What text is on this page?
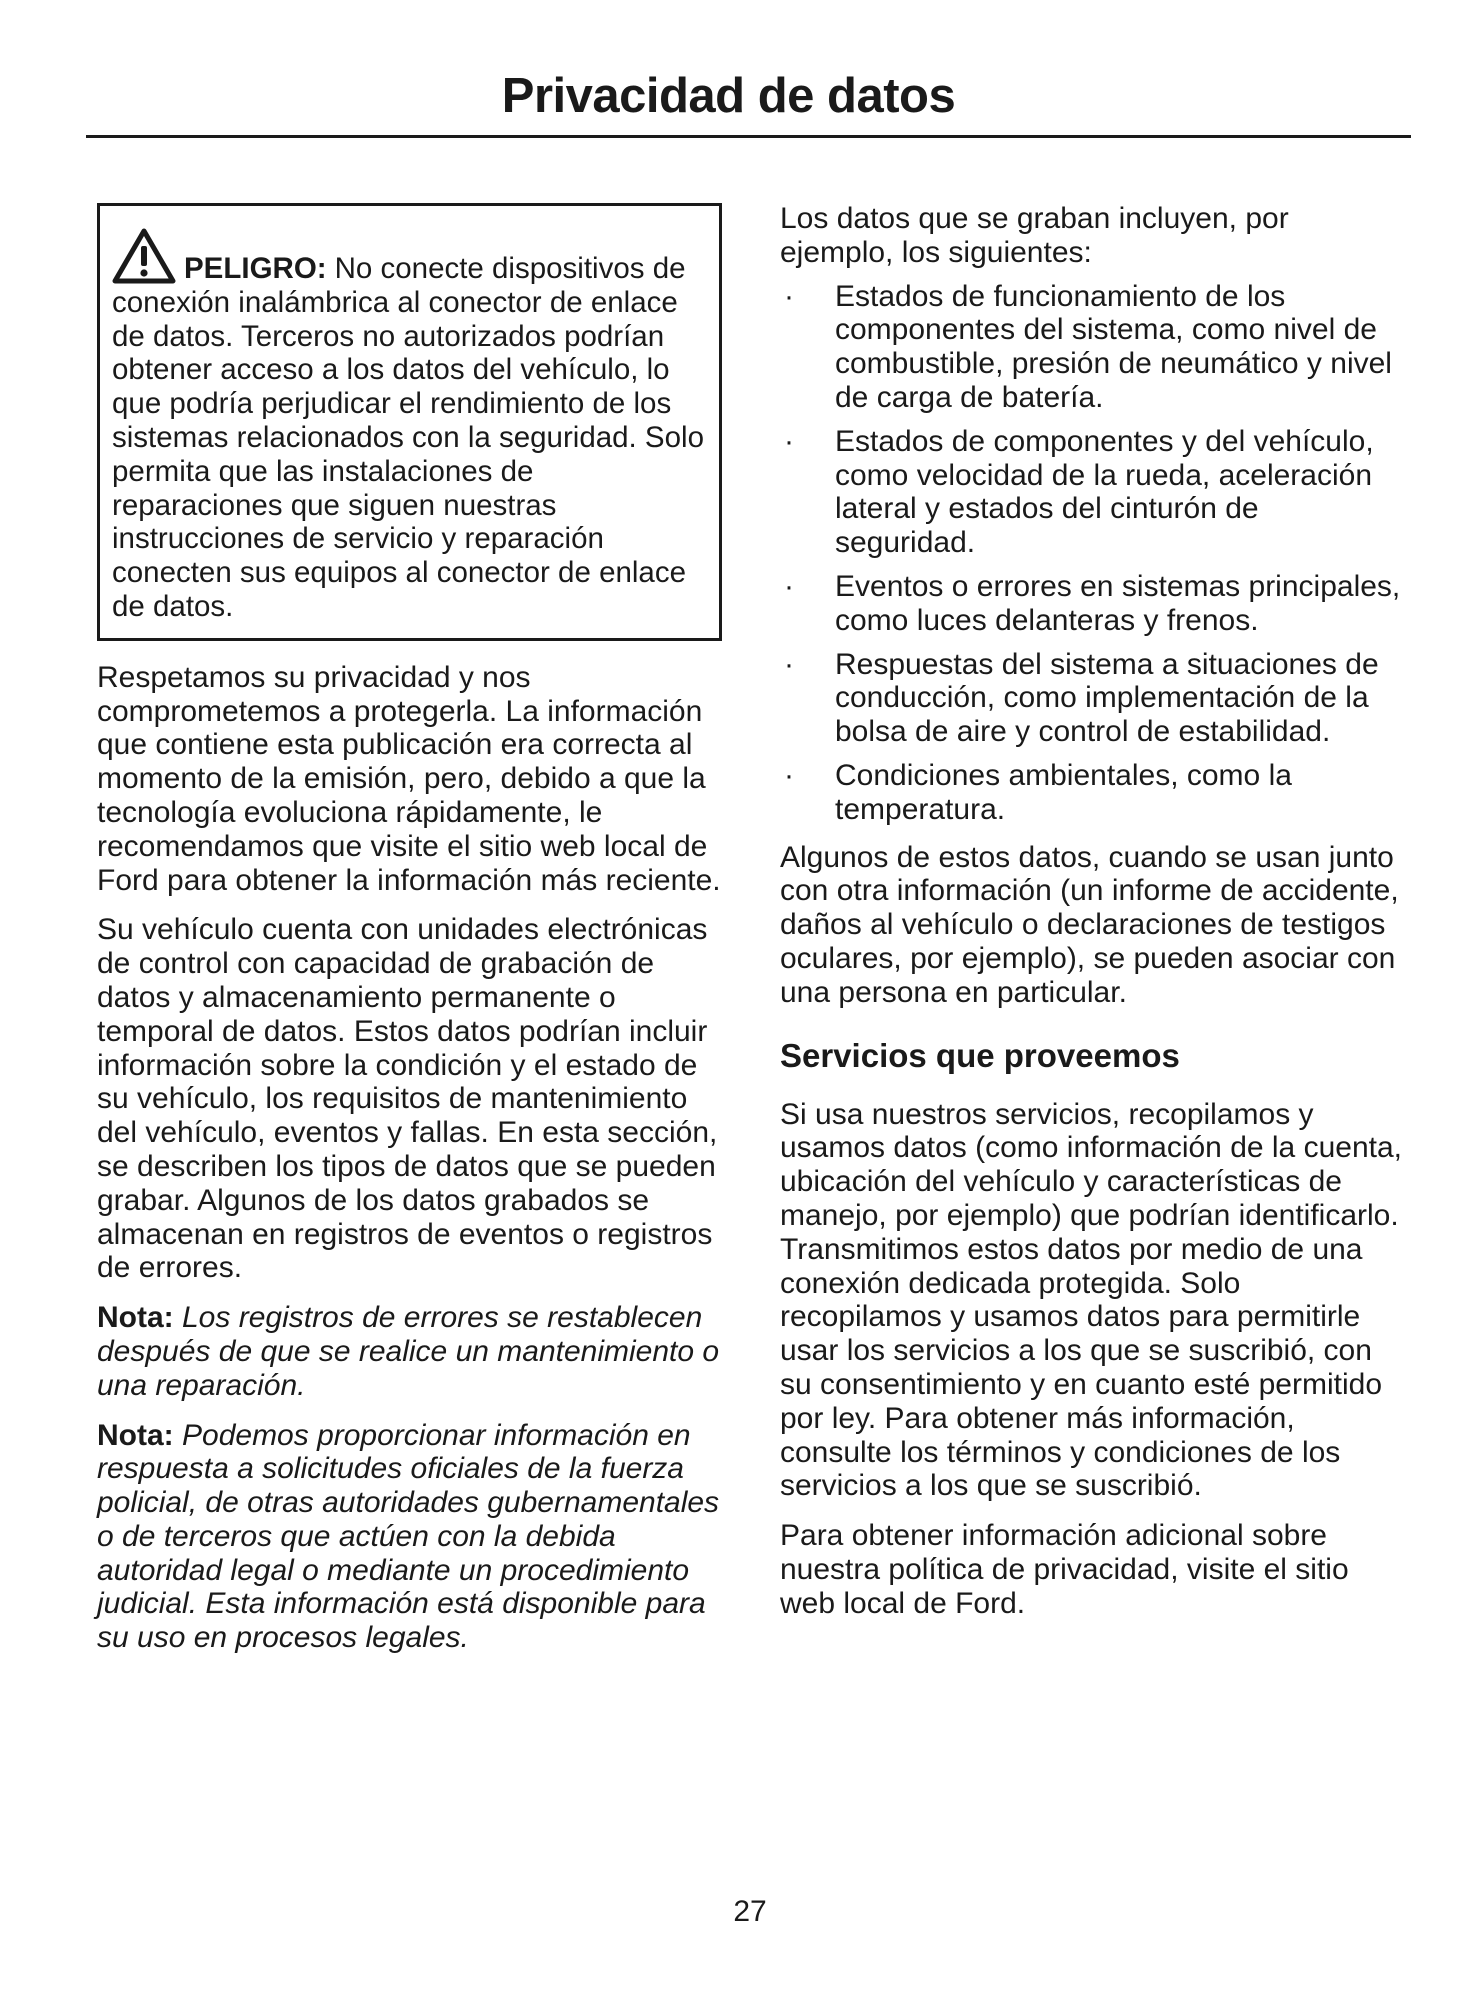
Privacidad de datos
PELIGRO: No conecte dispositivos de conexión inalámbrica al conector de enlace de datos. Terceros no autorizados podrían obtener acceso a los datos del vehículo, lo que podría perjudicar el rendimiento de los sistemas relacionados con la seguridad. Solo permita que las instalaciones de reparaciones que siguen nuestras instrucciones de servicio y reparación conecten sus equipos al conector de enlace de datos.

Respetamos su privacidad y nos comprometemos a protegerla. La información que contiene esta publicación era correcta al momento de la emisión, pero, debido a que la tecnología evoluciona rápidamente, le recomendamos que visite el sitio web local de Ford para obtener la información más reciente.

Su vehículo cuenta con unidades electrónicas de control con capacidad de grabación de datos y almacenamiento permanente o temporal de datos. Estos datos podrían incluir información sobre la condición y el estado de su vehículo, los requisitos de mantenimiento del vehículo, eventos y fallas. En esta sección, se describen los tipos de datos que se pueden grabar. Algunos de los datos grabados se almacenan en registros de eventos o registros de errores.

Nota: Los registros de errores se restablecen después de que se realice un mantenimiento o una reparación.

Nota: Podemos proporcionar información en respuesta a solicitudes oficiales de la fuerza policial, de otras autoridades gubernamentales o de terceros que actúen con la debida autoridad legal o mediante un procedimiento judicial. Esta información está disponible para su uso en procesos legales.

Los datos que se graban incluyen, por ejemplo, los siguientes:

· Estados de funcionamiento de los componentes del sistema, como nivel de combustible, presión de neumático y nivel de carga de batería.
· Estados de componentes y del vehículo, como velocidad de la rueda, aceleración lateral y estados del cinturón de seguridad.
· Eventos o errores en sistemas principales, como luces delanteras y frenos.
· Respuestas del sistema a situaciones de conducción, como implementación de la bolsa de aire y control de estabilidad.
· Condiciones ambientales, como la temperatura.

Algunos de estos datos, cuando se usan junto con otra información (un informe de accidente, daños al vehículo o declaraciones de testigos oculares, por ejemplo), se pueden asociar con una persona en particular.

Servicios que proveemos

Si usa nuestros servicios, recopilamos y usamos datos (como información de la cuenta, ubicación del vehículo y características de manejo, por ejemplo) que podrían identificarlo. Transmitimos estos datos por medio de una conexión dedicada protegida. Solo recopilamos y usamos datos para permitirle usar los servicios a los que se suscribió, con su consentimiento y en cuanto esté permitido por ley. Para obtener más información, consulte los términos y condiciones de los servicios a los que se suscribió.

Para obtener información adicional sobre nuestra política de privacidad, visite el sitio web local de Ford.

27
